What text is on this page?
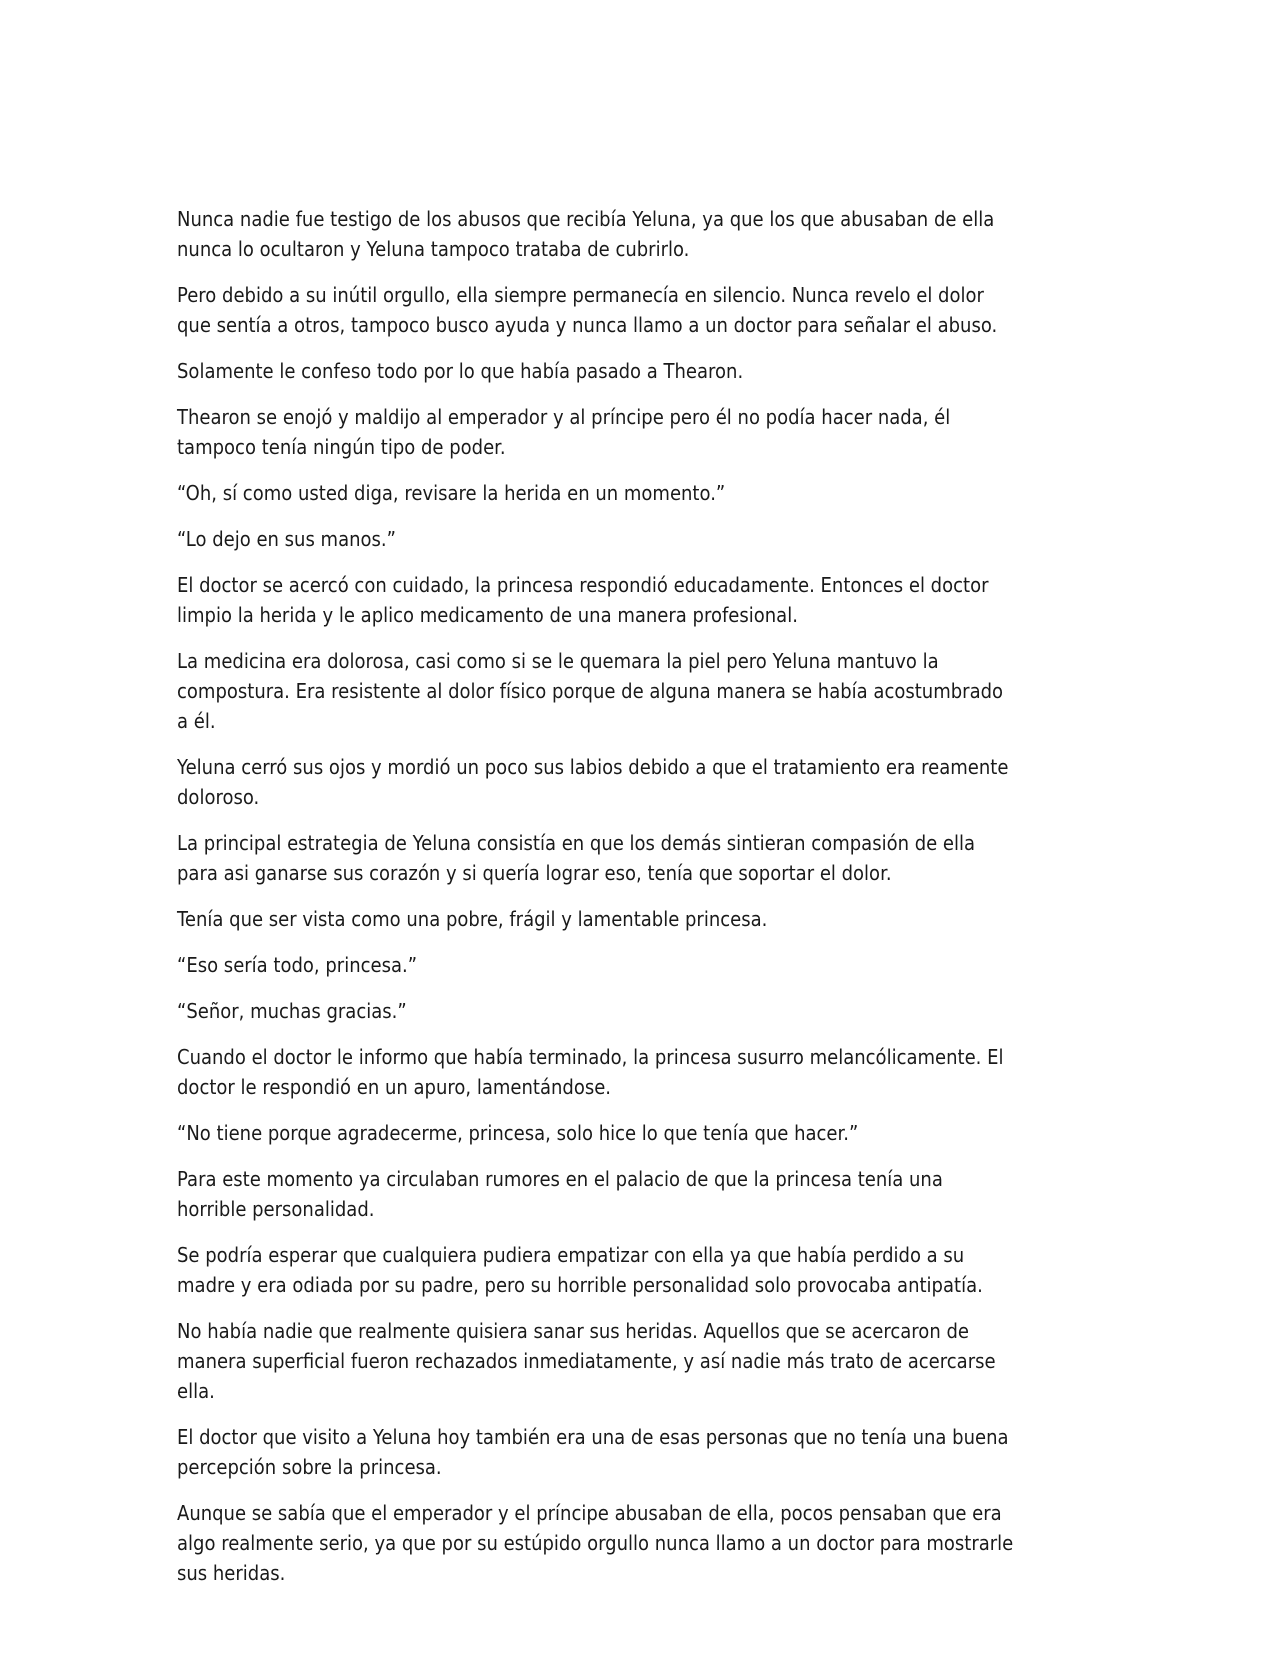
Nunca nadie fue testigo de los abusos que recibía Yeluna, ya que los que abusaban de ella nunca lo ocultaron y Yeluna tampoco trataba de cubrirlo.

Pero debido a su inútil orgullo, ella siempre permanecía en silencio. Nunca revelo el dolor que sentía a otros, tampoco busco ayuda y nunca llamo a un doctor para señalar el abuso.

Solamente le confeso todo por lo que había pasado a Thearon.

Thearon se enojó y maldijo al emperador y al príncipe pero él no podía hacer nada, él tampoco tenía ningún tipo de poder.

“Oh, sí como usted diga, revisare la herida en un momento.”

“Lo dejo en sus manos.”

El doctor se acercó con cuidado, la princesa respondió educadamente. Entonces el doctor limpio la herida y le aplico medicamento de una manera profesional.

La medicina era dolorosa, casi como si se le quemara la piel pero Yeluna mantuvo la compostura. Era resistente al dolor físico porque de alguna manera se había acostumbrado a él.

Yeluna cerró sus ojos y mordió un poco sus labios debido a que el tratamiento era reamente doloroso.

La principal estrategia de Yeluna consistía en que los demás sintieran compasión de ella para asi ganarse sus corazón y si quería lograr eso, tenía que soportar el dolor.

Tenía que ser vista como una pobre, frágil y lamentable princesa.

“Eso sería todo, princesa.”

“Señor, muchas gracias.”

Cuando el doctor le informo que había terminado, la princesa susurro melancólicamente. El doctor le respondió en un apuro, lamentándose.

“No tiene porque agradecerme, princesa, solo hice lo que tenía que hacer.”

Para este momento ya circulaban rumores en el palacio de que la princesa tenía una horrible personalidad.

Se podría esperar que cualquiera pudiera empatizar con ella ya que había perdido a su madre y era odiada por su padre, pero su horrible personalidad solo provocaba antipatía.

No había nadie que realmente quisiera sanar sus heridas. Aquellos que se acercaron de manera superficial fueron rechazados inmediatamente, y así nadie más trato de acercarse ella.

El doctor que visito a Yeluna hoy también era una de esas personas que no tenía una buena percepción sobre la princesa.

Aunque se sabía que el emperador y el príncipe abusaban de ella, pocos pensaban que era algo realmente serio, ya que por su estúpido orgullo nunca llamo a un doctor para mostrarle sus heridas.
